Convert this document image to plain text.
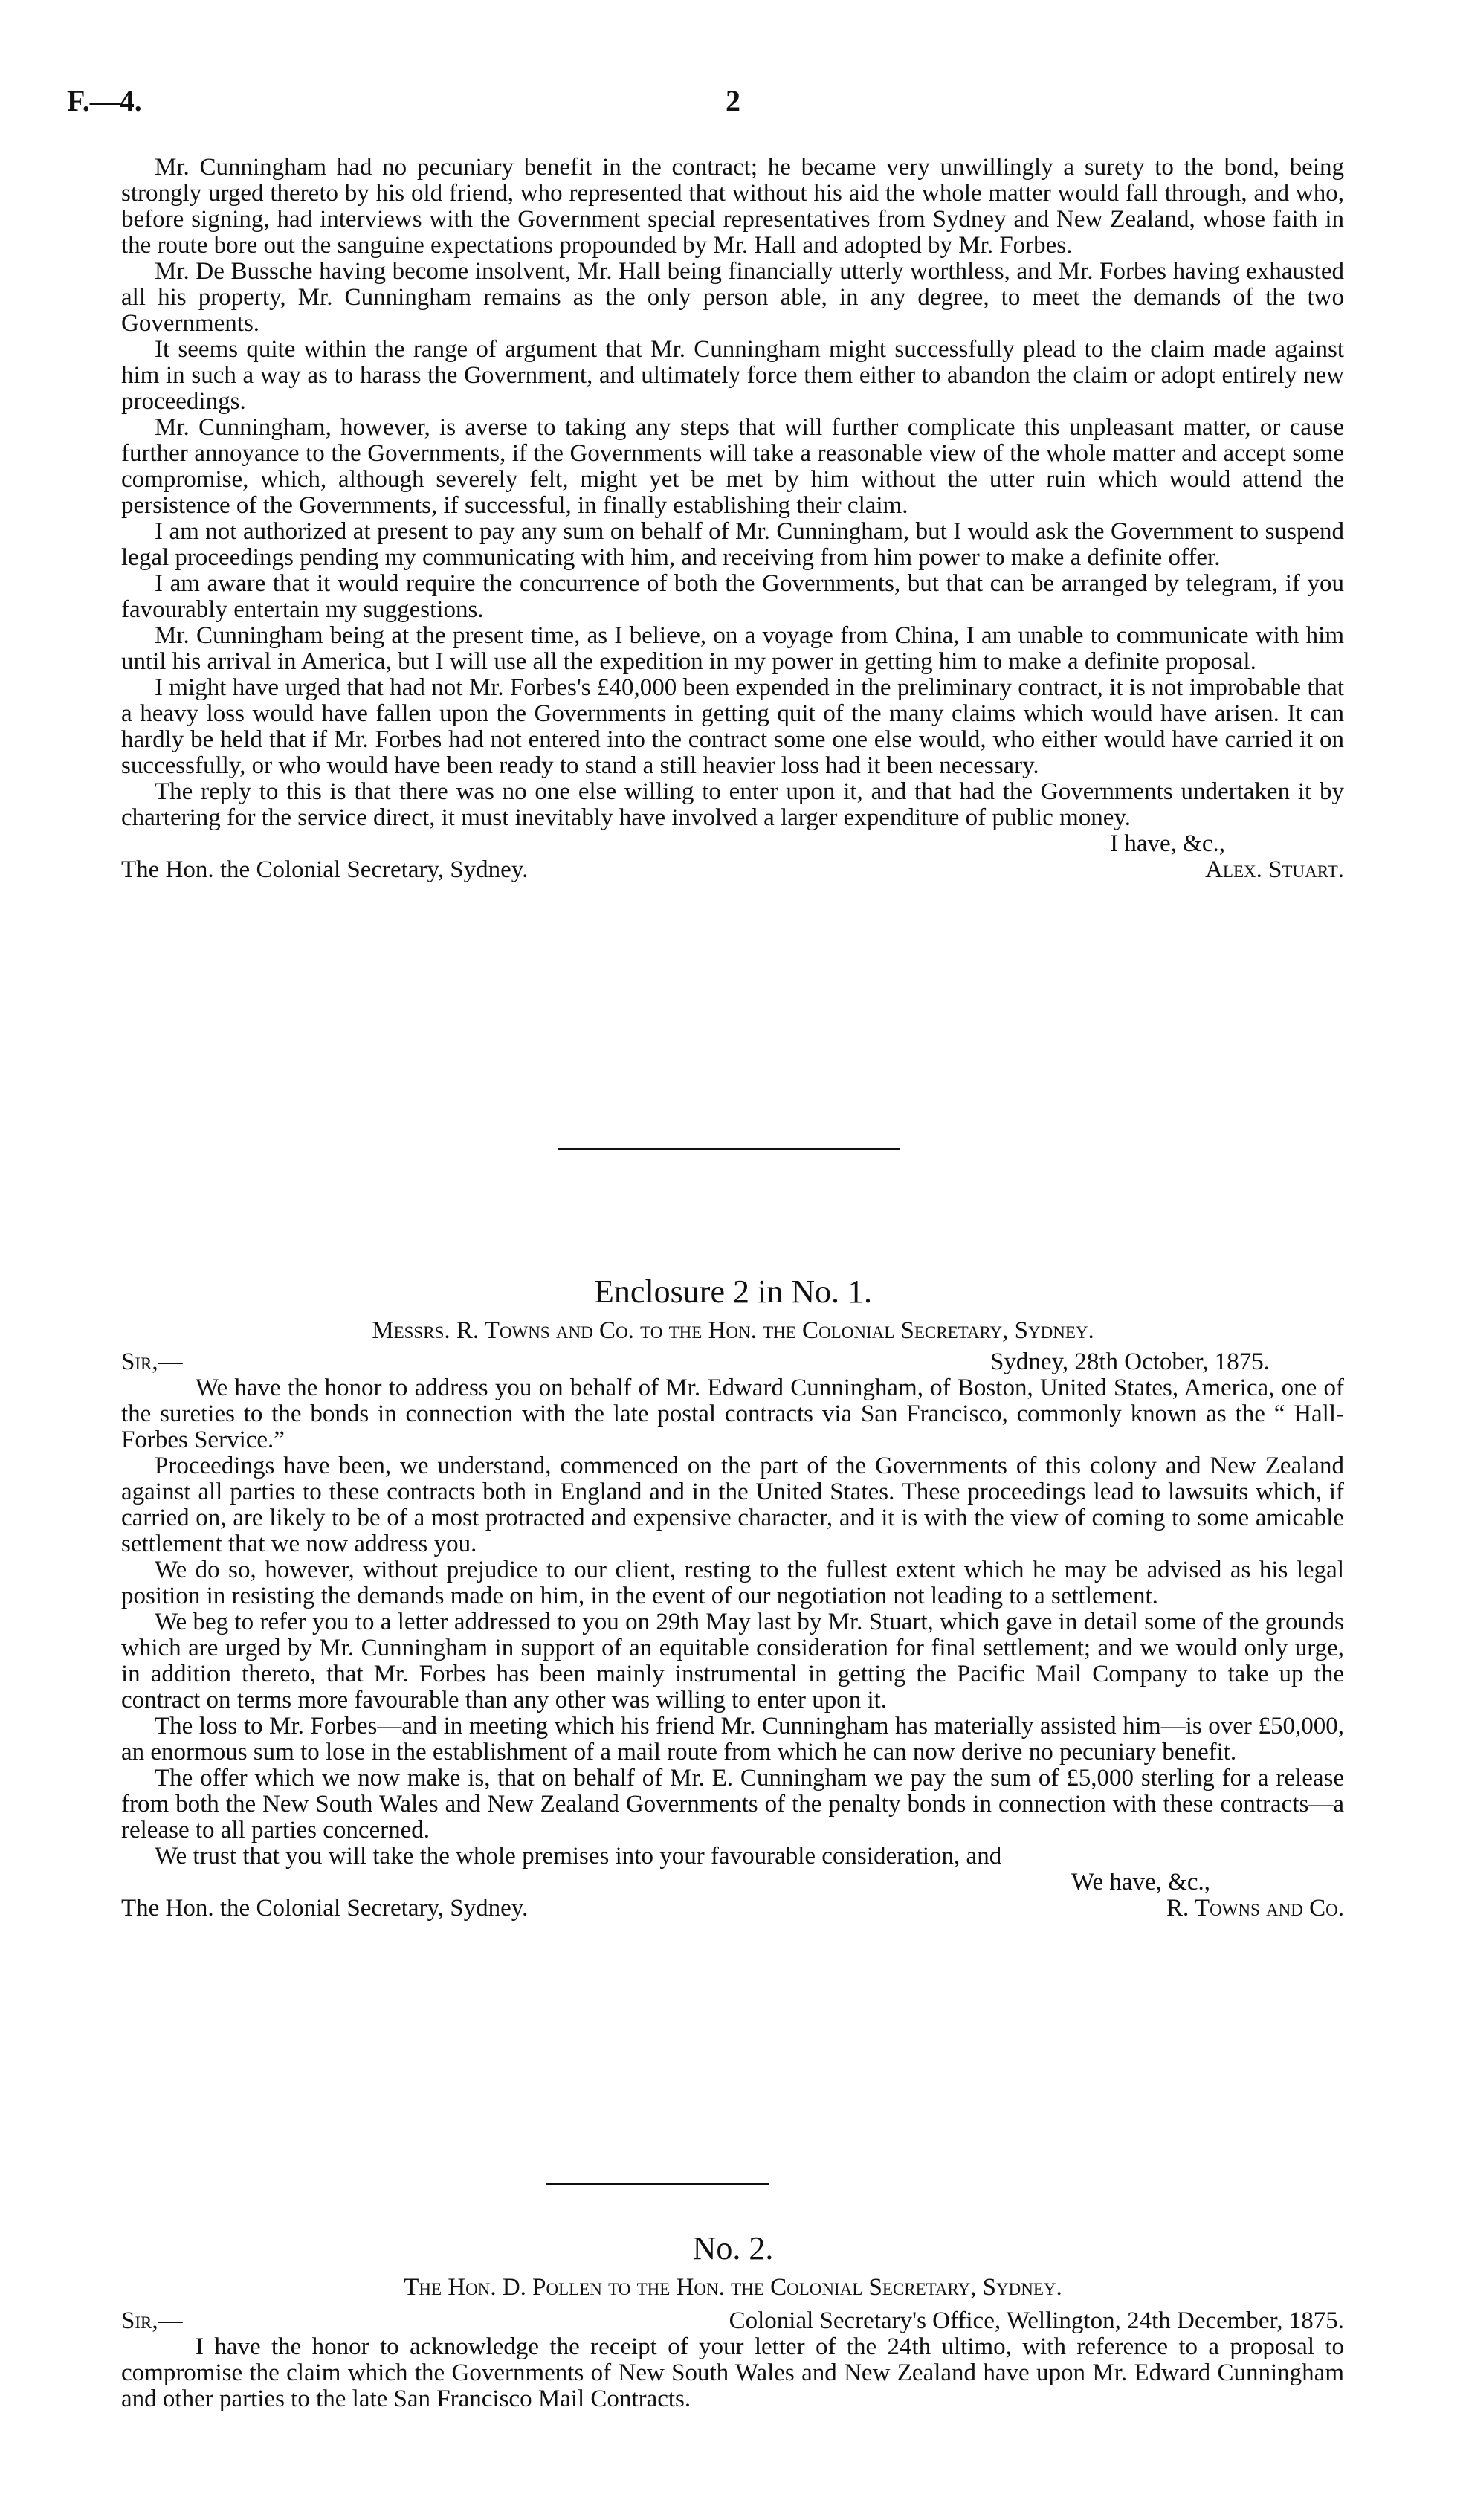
F.—4.	2

Mr. Cunningham had no pecuniary benefit in the contract; he became very unwillingly a surety to the bond, being strongly urged thereto by his old friend, who represented that without his aid the whole matter would fall through, and who, before signing, had interviews with the Government special representatives from Sydney and New Zealand, whose faith in the route bore out the sanguine expectations propounded by Mr. Hall and adopted by Mr. Forbes.

Mr. De Bussche having become insolvent, Mr. Hall being financially utterly worthless, and Mr. Forbes having exhausted all his property, Mr. Cunningham remains as the only person able, in any degree, to meet the demands of the two Governments.

It seems quite within the range of argument that Mr. Cunningham might successfully plead to the claim made against him in such a way as to harass the Government, and ultimately force them either to abandon the claim or adopt entirely new proceedings.

Mr. Cunningham, however, is averse to taking any steps that will further complicate this unpleasant matter, or cause further annoyance to the Governments, if the Governments will take a reasonable view of the whole matter and accept some compromise, which, although severely felt, might yet be met by him without the utter ruin which would attend the persistence of the Governments, if successful, in finally establishing their claim.

I am not authorized at present to pay any sum on behalf of Mr. Cunningham, but I would ask the Government to suspend legal proceedings pending my communicating with him, and receiving from him power to make a definite offer.

I am aware that it would require the concurrence of both the Governments, but that can be arranged by telegram, if you favourably entertain my suggestions.

Mr. Cunningham being at the present time, as I believe, on a voyage from China, I am unable to communicate with him until his arrival in America, but I will use all the expedition in my power in getting him to make a definite proposal.

I might have urged that had not Mr. Forbes's £40,000 been expended in the preliminary contract, it is not improbable that a heavy loss would have fallen upon the Governments in getting quit of the many claims which would have arisen. It can hardly be held that if Mr. Forbes had not entered into the contract some one else would, who either would have carried it on successfully, or who would have been ready to stand a still heavier loss had it been necessary.

The reply to this is that there was no one else willing to enter upon it, and that had the Governments undertaken it by chartering for the service direct, it must inevitably have involved a larger expenditure of public money.

I have, &c.,
The Hon. the Colonial Secretary, Sydney.	Alex. Stuart.
Enclosure 2 in No. 1.
Messrs. R. Towns and Co. to the Hon. the Colonial Secretary, Sydney.
Sir,—	Sydney, 28th October, 1875.

We have the honor to address you on behalf of Mr. Edward Cunningham, of Boston, United States, America, one of the sureties to the bonds in connection with the late postal contracts via San Francisco, commonly known as the “ Hall-Forbes Service.”

Proceedings have been, we understand, commenced on the part of the Governments of this colony and New Zealand against all parties to these contracts both in England and in the United States. These proceedings lead to lawsuits which, if carried on, are likely to be of a most protracted and expensive character, and it is with the view of coming to some amicable settlement that we now address you.

We do so, however, without prejudice to our client, resting to the fullest extent which he may be advised as his legal position in resisting the demands made on him, in the event of our negotiation not leading to a settlement.

We beg to refer you to a letter addressed to you on 29th May last by Mr. Stuart, which gave in detail some of the grounds which are urged by Mr. Cunningham in support of an equitable consideration for final settlement; and we would only urge, in addition thereto, that Mr. Forbes has been mainly instrumental in getting the Pacific Mail Company to take up the contract on terms more favourable than any other was willing to enter upon it.

The loss to Mr. Forbes—and in meeting which his friend Mr. Cunningham has materially assisted him—is over £50,000, an enormous sum to lose in the establishment of a mail route from which he can now derive no pecuniary benefit.

The offer which we now make is, that on behalf of Mr. E. Cunningham we pay the sum of £5,000 sterling for a release from both the New South Wales and New Zealand Governments of the penalty bonds in connection with these contracts—a release to all parties concerned.

We trust that you will take the whole premises into your favourable consideration, and

We have, &c.,
The Hon. the Colonial Secretary, Sydney.	R. Towns and Co.
No. 2.
The Hon. D. Pollen to the Hon. the Colonial Secretary, Sydney.
Sir,—	Colonial Secretary's Office, Wellington, 24th December, 1875.

I have the honor to acknowledge the receipt of your letter of the 24th ultimo, with reference to a proposal to compromise the claim which the Governments of New South Wales and New Zealand have upon Mr. Edward Cunningham and other parties to the late San Francisco Mail Contracts.
